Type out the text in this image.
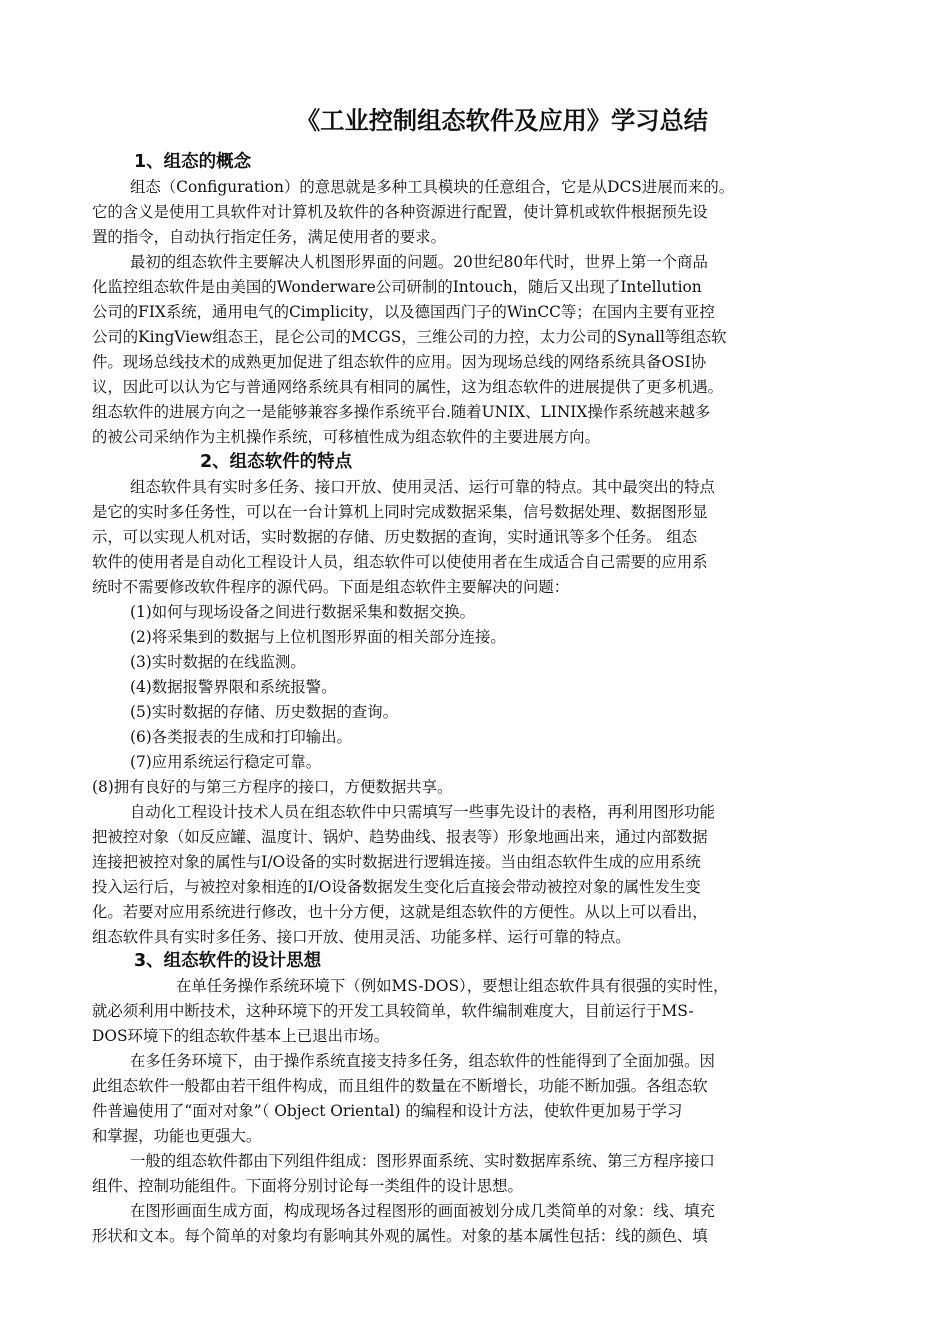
《工业控制组态软件及应用》学习总结
1、组态的概念
组态（Configuration）的意思就是多种工具模块的任意组合，它是从DCS进展而来的。
它的含义是使用工具软件对计算机及软件的各种资源进行配置，使计算机或软件根据预先设
置的指令，自动执行指定任务，满足使用者的要求。
最初的组态软件主要解决人机图形界面的问题。20世纪80年代时，世界上第一个商品
化监控组态软件是由美国的Wonderware公司研制的Intouch，随后又出现了Intellution
公司的FIX系统，通用电气的Cimplicity，以及德国西门子的WinCC等；在国内主要有亚控
公司的KingView组态王，昆仑公司的MCGS，三维公司的力控，太力公司的Synall等组态软
件。现场总线技术的成熟更加促进了组态软件的应用。因为现场总线的网络系统具备OSI协
议，因此可以认为它与普通网络系统具有相同的属性，这为组态软件的进展提供了更多机遇。
组态软件的进展方向之一是能够兼容多操作系统平台.随着UNIX、LINIX操作系统越来越多
的被公司采纳作为主机操作系统，可移植性成为组态软件的主要进展方向。
2、组态软件的特点
组态软件具有实时多任务、接口开放、使用灵活、运行可靠的特点。其中最突出的特点
是它的实时多任务性，可以在一台计算机上同时完成数据采集，信号数据处理、数据图形显
示，可以实现人机对话，实时数据的存储、历史数据的查询，实时通讯等多个任务。 组态
软件的使用者是自动化工程设计人员，组态软件可以使使用者在生成适合自己需要的应用系
统时不需要修改软件程序的源代码。下面是组态软件主要解决的问题：
(1)如何与现场设备之间进行数据采集和数据交换。
(2)将采集到的数据与上位机图形界面的相关部分连接。
(3)实时数据的在线监测。
(4)数据报警界限和系统报警。
(5)实时数据的存储、历史数据的查询。
(6)各类报表的生成和打印输出。
(7)应用系统运行稳定可靠。
(8)拥有良好的与第三方程序的接口，方便数据共享。
自动化工程设计技术人员在组态软件中只需填写一些事先设计的表格，再利用图形功能
把被控对象（如反应罐、温度计、锅炉、趋势曲线、报表等）形象地画出来，通过内部数据
连接把被控对象的属性与I/O设备的实时数据进行逻辑连接。当由组态软件生成的应用系统
投入运行后，与被控对象相连的I/O设备数据发生变化后直接会带动被控对象的属性发生变
化。若要对应用系统进行修改，也十分方便，这就是组态软件的方便性。从以上可以看出，
组态软件具有实时多任务、接口开放、使用灵活、功能多样、运行可靠的特点。
3、组态软件的设计思想
在单任务操作系统环境下（例如MS-DOS），要想让组态软件具有很强的实时性，
就必须利用中断技术，这种环境下的开发工具较简单，软件编制难度大，目前运行于MS-
DOS环境下的组态软件基本上已退出市场。
在多任务环境下，由于操作系统直接支持多任务，组态软件的性能得到了全面加强。因
此组态软件一般都由若干组件构成，而且组件的数量在不断增长，功能不断加强。各组态软
件普遍使用了“面对对象”（ Object Oriental) 的编程和设计方法，使软件更加易于学习
和掌握，功能也更强大。
一般的组态软件都由下列组件组成：图形界面系统、实时数据库系统、第三方程序接口
组件、控制功能组件。下面将分别讨论每一类组件的设计思想。
在图形画面生成方面，构成现场各过程图形的画面被划分成几类简单的对象：线、填充
形状和文本。每个简单的对象均有影响其外观的属性。对象的基本属性包括：线的颜色、填
